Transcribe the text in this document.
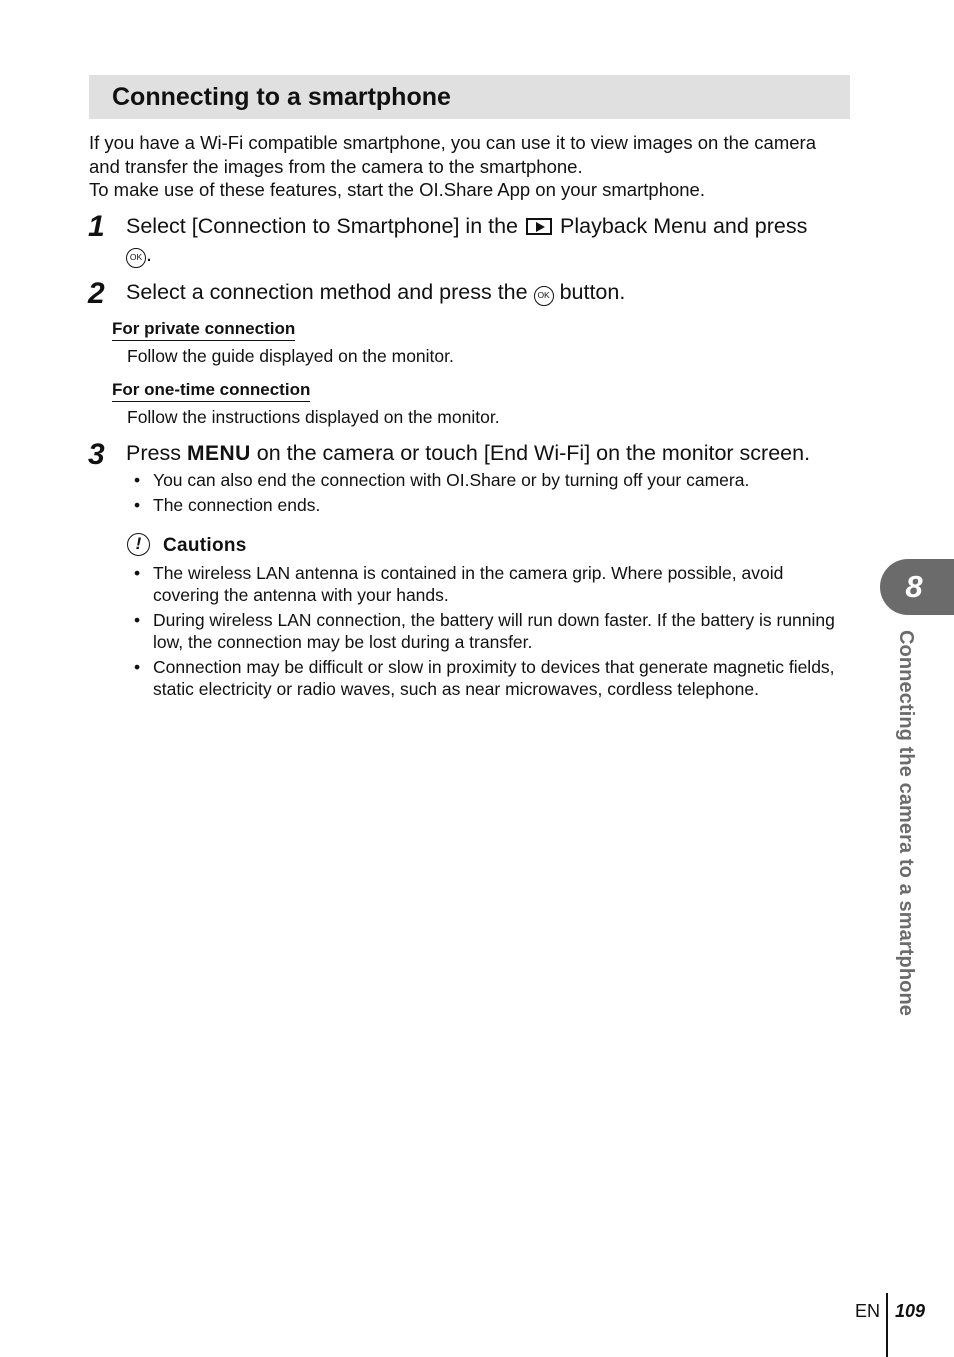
Connecting to a smartphone

If you have a Wi-Fi compatible smartphone, you can use it to view images on the camera and transfer the images from the camera to the smartphone.

To make use of these features, start the OI.Share App on your smartphone.

1 Select [Connection to Smartphone] in the Playback Menu and press
OK .

2 Select a connection method and press the OK button.

For private connection
Follow the guide displayed on the monitor.
For one-time connection
Follow the instructions displayed on the monitor.
3 Press MENU on the camera or touch [End Wi-Fi] on the monitor screen.

• You can also end the connection with OI.Share or by turning off your camera.
• The connection ends.
!	Cautions
• The wireless LAN antenna is contained in the camera grip. Where possible, avoid covering the antenna with your hands.
• During wireless LAN connection, the battery will run down faster. If the battery is running low, the connection may be lost during a transfer.
• Connection may be difficult or slow in proximity to devices that generate magnetic fields, static electricity or radio waves, such as near microwaves, cordless telephone.
8
Connecting the camera to a smartphone
EN 109
